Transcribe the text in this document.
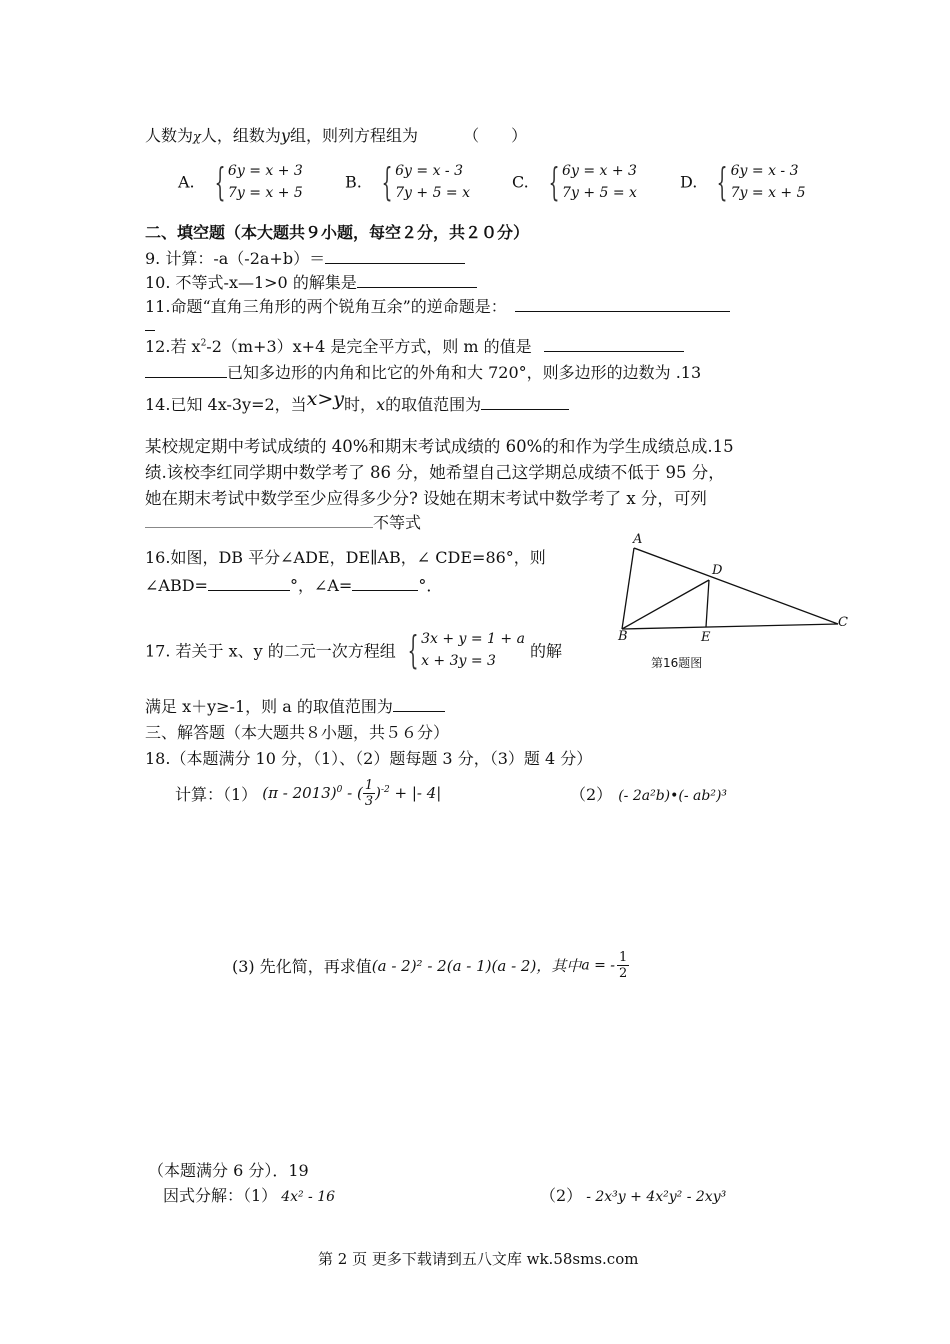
人数为χ人，组数为y组，则列方程组为	（　　）
A. { 6y = x + 3
7y = x + 5
B. { 6y = x - 3
7y + 5 = x
C. { 6y = x + 3
7y + 5 = x
D. { 6y = x - 3
7y = x + 5
二、填空题（本大题共９小题，每空２分，共２０分）
9. 计算：-a（-2a+b）＝
10. 不等式-x—1>0 的解集是
11.命题“直角三角形的两个锐角互余”的逆命题是：
12.若 $x^2-2(m+3)x+4$ 是完全平方式，则 m 的值是
已知多边形的内角和比它的外角和大 720°，则多边形的边数为 .13
14.已知 4x-3y=2，当x>y时，x的取值范围为
某校规定期中考试成绩的 40%和期末考试成绩的 60%的和作为学生成绩总成.15
绩.该校李红同学期中数学考了 86 分，她希望自己这学期总成绩不低于 95 分，
她在期末考试中数学至少应得多少分? 设她在期末考试中数学考了 x 分，可列
不等式
16.如图，DB 平分∠ADE，DE∥AB，∠ CDE=86°，则
∠ABD=	°，∠A=	°．
A
B
C
D
E
第16题图
17. 若关于 x、y 的二元一次方程组 { 3x + y = 1 + a
x + 3y = 3
的解
满足 x＋y≥-1，则 a 的取值范围为
三、解答题（本大题共８小题，共５６分）
18.（本题满分 10 分，（1）、（2）题每题 3 分，（3）题 4 分）
计算：（1） (π - 2013)$^0$ - ( $\frac{1}{3} )^{-2}$ + |- 4|	（2） (- 2a²b)•(- ab²)³
(3) 先化简，再求值(a - 2)² - 2(a - 1)(a - 2)，其中a = - $\frac{1}{2}$
（本题满分 6 分）．19
因式分解：（1） 4x² - 16	（2） - 2x³y + 4x²y² - 2xy³
第 2 页 更多下载请到五八文库 wk.58sms.com
